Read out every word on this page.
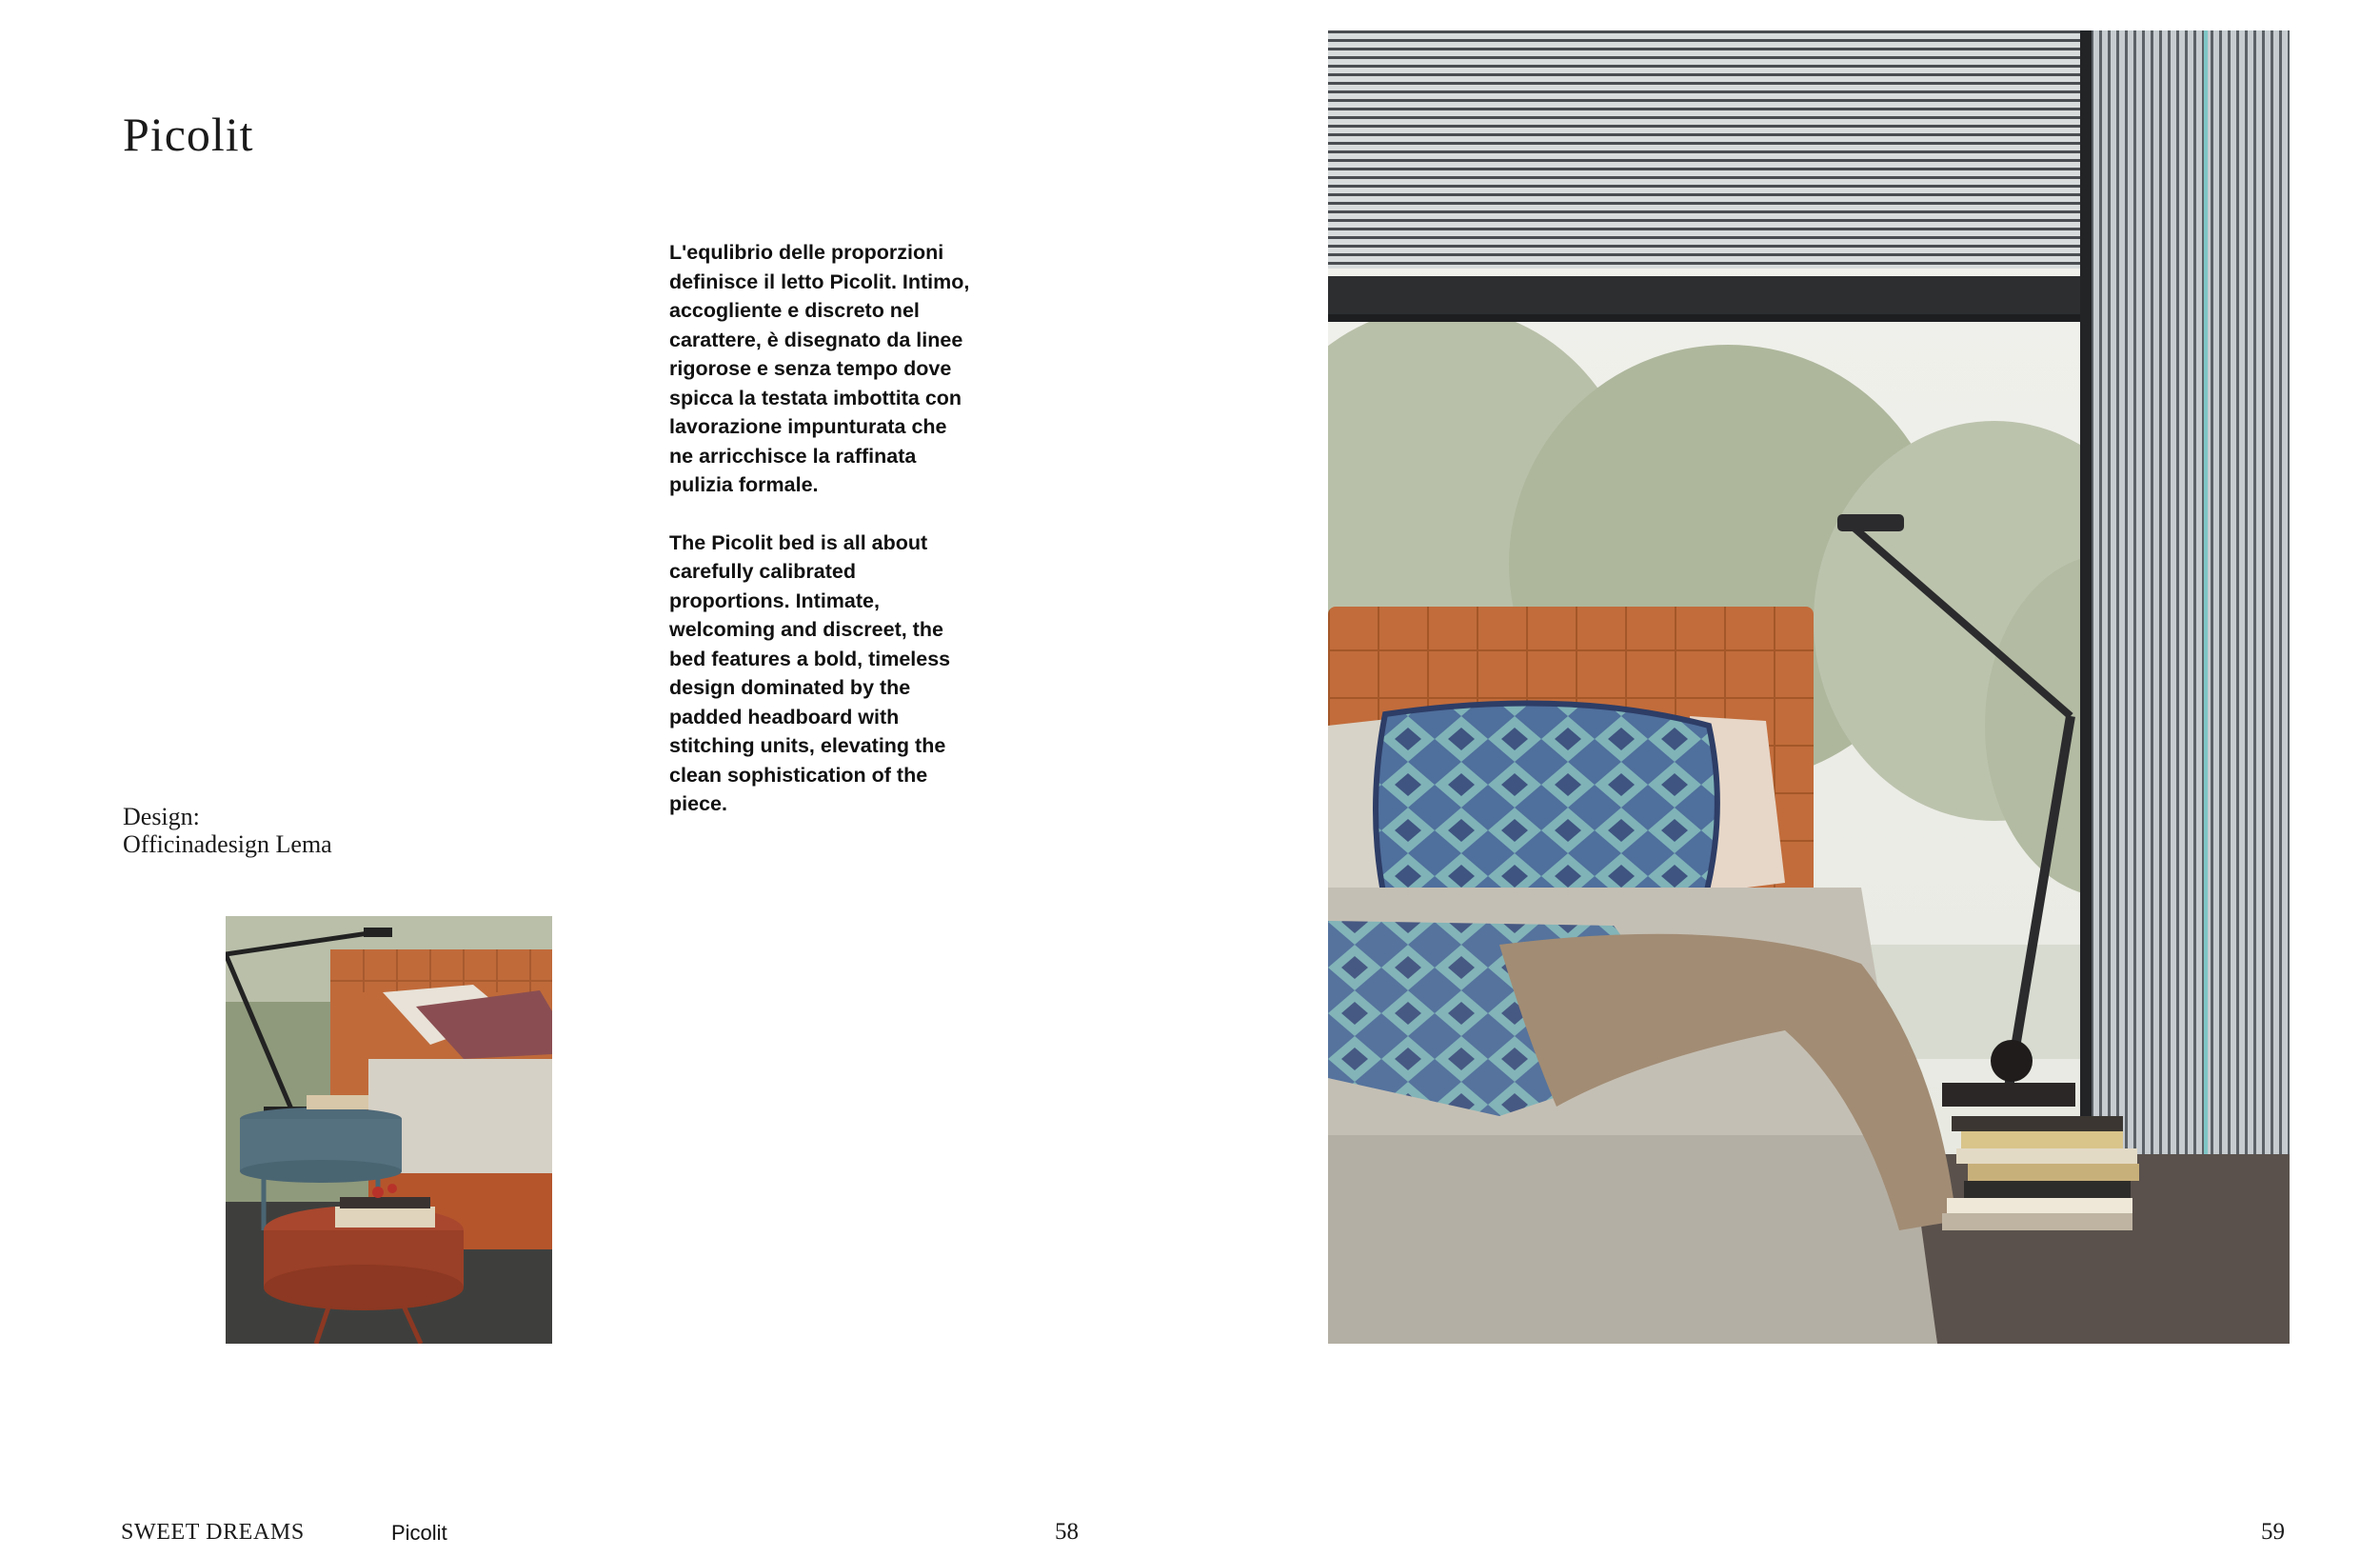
Picolit
Design:
Officinadesign Lema

L'equlibrio delle proporzioni definisce il letto Picolit. Intimo, accogliente e discreto nel carattere, è disegnato da linee rigorose e senza tempo dove spicca la testata imbottita con lavorazione impunturata che ne arricchisce la raffinata pulizia formale.

The Picolit bed is all about carefully calibrated proportions. Intimate, welcoming and discreet, the bed features a bold, timeless design dominated by the padded headboard with stitching units, elevating the clean sophistication of the piece.

SWEET DREAMS	Picolit	58	59
